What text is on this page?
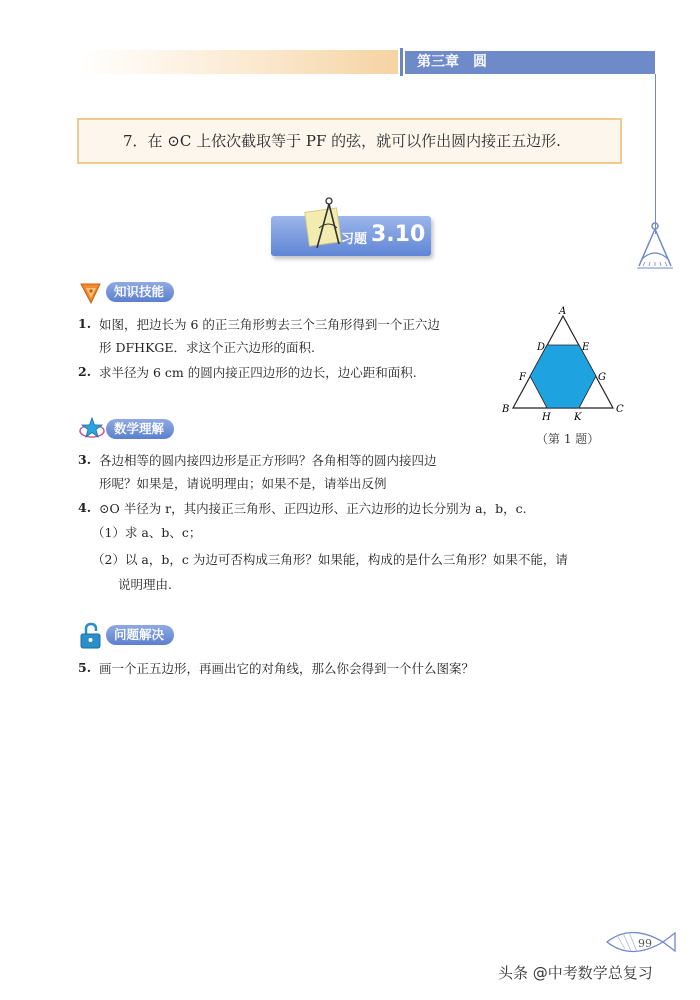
第三章　圆
7．在 ⊙C 上依次截取等于 PF 的弦，就可以作出圆内接正五边形.
习题 3.10
知识技能
1. 如图，把边长为 6 的正三角形剪去三个三角形得到一个正六边
形 DFHKGE．求这个正六边形的面积.
2. 求半径为 6 cm 的圆内接正四边形的边长，边心距和面积.
A
D	E
F	G
B	C
H K
（第 1 题）
数学理解
3. 各边相等的圆内接四边形是正方形吗？各角相等的圆内接四边
形呢？如果是，请说明理由；如果不是，请举出反例
4. ⊙O 半径为 r，其内接正三角形、正四边形、正六边形的边长分别为 a，b，c.
（1）求 a、b、c；
（2）以 a，b，c 为边可否构成三角形？如果能，构成的是什么三角形？如果不能，请
说明理由.
问题解决
5. 画一个正五边形，再画出它的对角线，那么你会得到一个什么图案？
99
头条 @中考数学总复习
